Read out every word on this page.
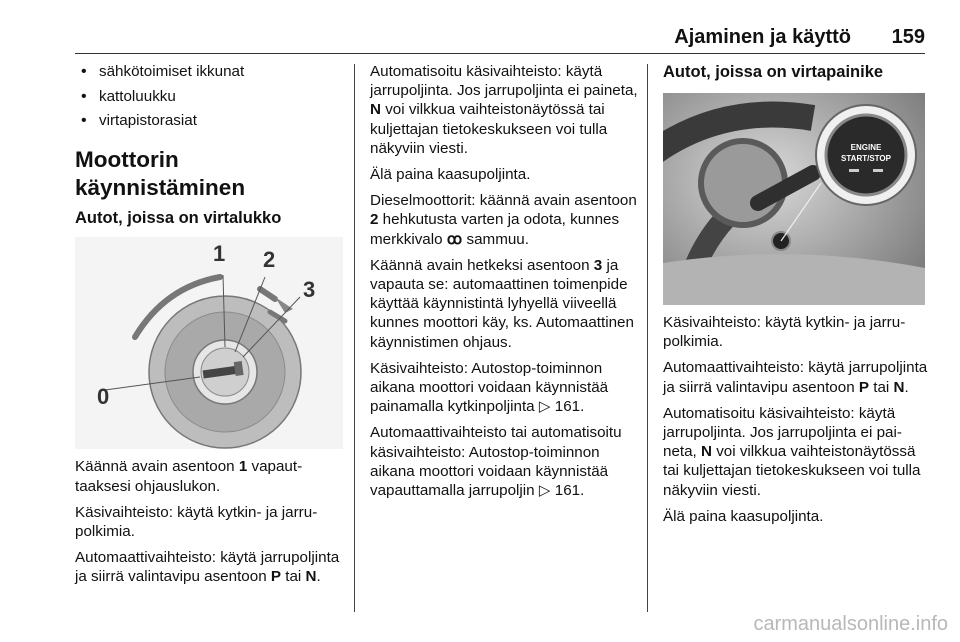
Ajaminen ja käyttö 159
• sähkötoimiset ikkunat
• kattoluukku
• virtapistorasiat
Moottorin käynnistäminen
Autot, joissa on virtalukko
0
1 2
3

Käännä avain asentoon 1 vapauttaaksesi ohjauslukon.

Käsivaihteisto: käytä kytkin- ja jarrupolkimia.

Automaattivaihteisto: käytä jarrupoljinta ja siirrä valintavipu asentoon P tai N.

Automatisoitu käsivaihteisto: käytä jarrupoljinta. Jos jarrupoljinta ei paineta, N voi vilkkua vaihteistonäytössä tai kuljettajan tietokeskukseen voi tulla näkyviin viesti.

Älä paina kaasupoljinta.

Dieselmoottorit: käännä avain asentoon 2 hehkutusta varten ja odota, kunnes merkkivalo ꝏ sammuu.

Käännä avain hetkeksi asentoon 3 ja vapauta se: automaattinen toimenpide käyttää käynnistintä lyhyellä viiveellä kunnes moottori käy, ks. Automaattinen käynnistimen ohjaus.

Käsivaihteisto: Autostop-toiminnon aikana moottori voidaan käynnistää painamalla kytkinpoljinta ▷ 161.

Automaattivaihteisto tai automatisoitu käsivaihteisto: Autostop-toiminnon aikana moottori voidaan käynnistää vapauttamalla jarrupoljin ▷ 161.

Autot, joissa on virtapainike
ENGINE
START/STOP

Käsivaihteisto: käytä kytkin- ja jarrupolkimia.

Automaattivaihteisto: käytä jarrupoljinta ja siirrä valintavipu asentoon P tai N.

Automatisoitu käsivaihteisto: käytä jarrupoljinta. Jos jarrupoljinta ei paineta, N voi vilkkua vaihteistonäytössä tai kuljettajan tietokeskukseen voi tulla näkyviin viesti.

Älä paina kaasupoljinta.

carmanualsonline.info
